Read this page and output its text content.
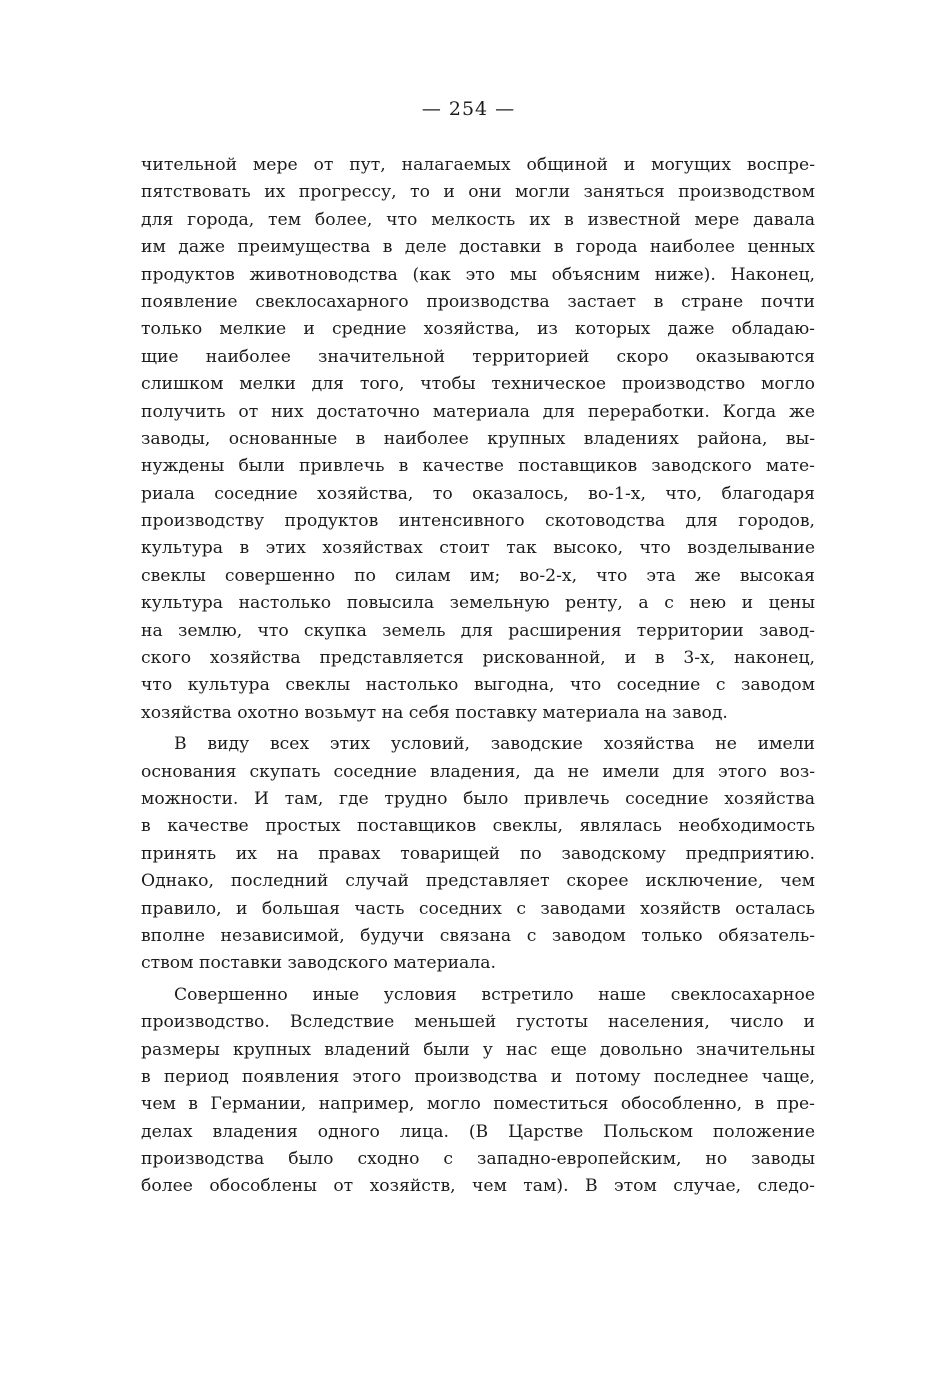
— 254 —
чительной мере от пут, налагаемых общиной и могущих воспре-
пятствовать их прогрессу, то и они могли заняться производством
для города, тем более, что мелкость их в известной мере давала
им даже преимущества в деле доставки в города наиболее ценных
продуктов животноводства (как это мы объясним ниже). Наконец,
появление свеклосахарного производства застает в стране почти
только мелкие и средние хозяйства, из которых даже обладаю-
щие наиболее значительной территорией скоро оказываются
слишком мелки для того, чтобы техническое производство могло
получить от них достаточно материала для переработки. Когда же
заводы, основанные в наиболее крупных владениях района, вы-
нуждены были привлечь в качестве поставщиков заводского мате-
риала соседние хозяйства, то оказалось, во-1-х, что, благодаря
производству продуктов интенсивного скотоводства для городов,
культура в этих хозяйствах стоит так высоко, что возделывание
свеклы совершенно по силам им; во-2-х, что эта же высокая
культура настолько повысила земельную ренту, а с нею и цены
на землю, что скупка земель для расширения территории завод-
ского хозяйства представляется рискованной, и в 3-х, наконец,
что культура свеклы настолько выгодна, что соседние с заводом
хозяйства охотно возьмут на себя поставку материала на завод.
В виду всех этих условий, заводские хозяйства не имели
основания скупать соседние владения, да не имели для этого воз-
можности. И там, где трудно было привлечь соседние хозяйства
в качестве простых поставщиков свеклы, являлась необходимость
принять их на правах товарищей по заводскому предприятию.
Однако, последний случай представляет скорее исключение, чем
правило, и большая часть соседних с заводами хозяйств осталась
вполне независимой, будучи связана с заводом только обязатель-
ством поставки заводского материала.
Совершенно иные условия встретило наше свеклосахарное
производство. Вследствие меньшей густоты населения, число и
размеры крупных владений были у нас еще довольно значительны
в период появления этого производства и потому последнее чаще,
чем в Германии, например, могло поместиться обособленно, в пре-
делах владения одного лица. (В Царстве Польском положение
производства было сходно с западно-европейским, но заводы
более обособлены от хозяйств, чем там). В этом случае, следо-
